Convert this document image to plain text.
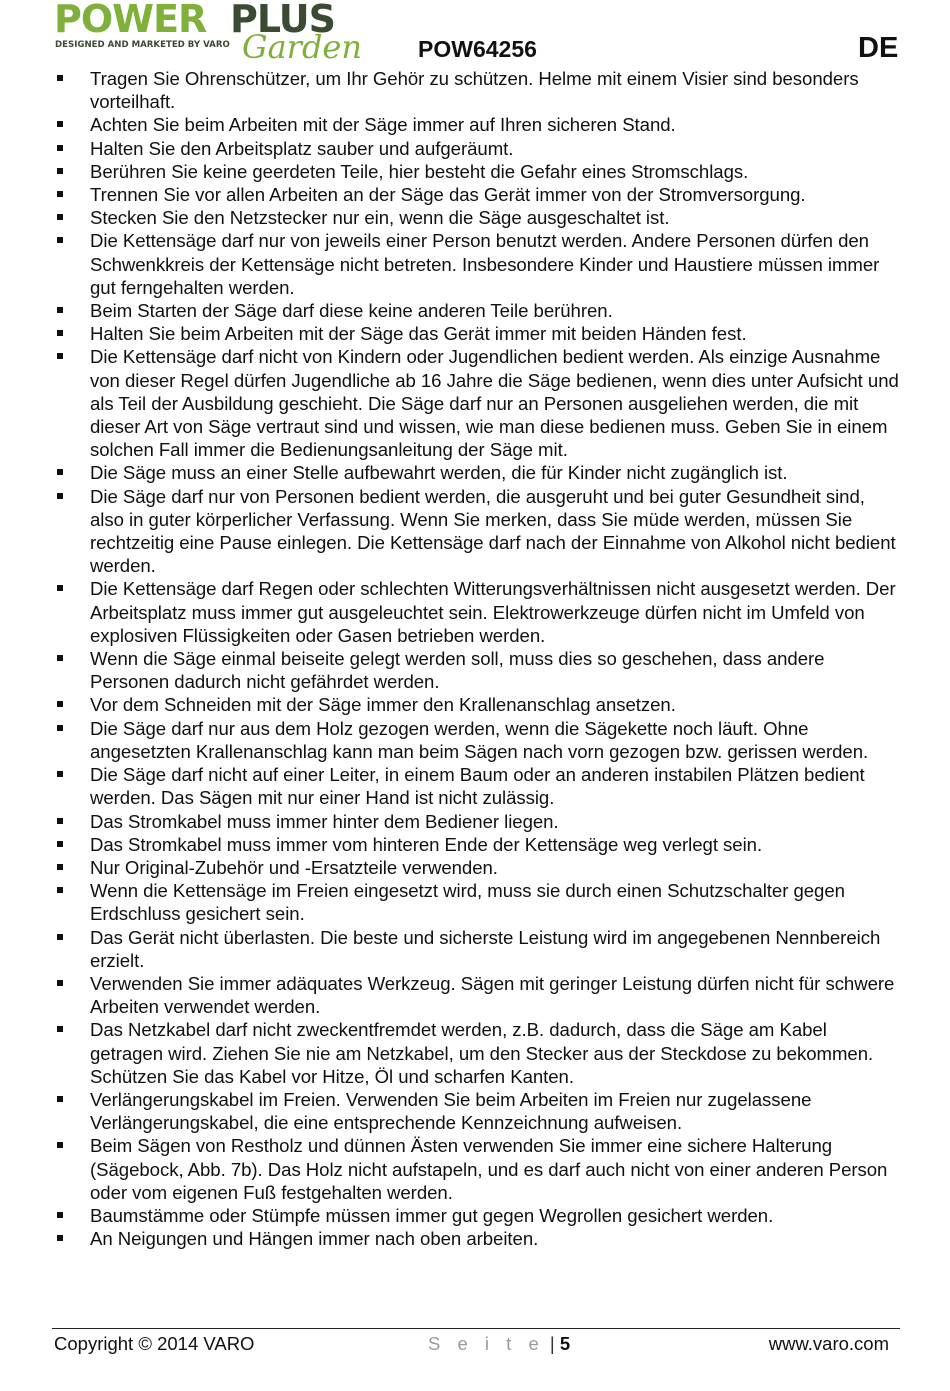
POWER PLUS
DESIGNED AND MARKETED BY VARO Garden POW64256	DE
Tragen Sie Ohrenschützer, um Ihr Gehör zu schützen. Helme mit einem Visier sind besonders vorteilhaft.
Achten Sie beim Arbeiten mit der Säge immer auf Ihren sicheren Stand.
Halten Sie den Arbeitsplatz sauber und aufgeräumt.
Berühren Sie keine geerdeten Teile, hier besteht die Gefahr eines Stromschlags.
Trennen Sie vor allen Arbeiten an der Säge das Gerät immer von der Stromversorgung.
Stecken Sie den Netzstecker nur ein, wenn die Säge ausgeschaltet ist.
Die Kettensäge darf nur von jeweils einer Person benutzt werden. Andere Personen dürfen den Schwenkkreis der Kettensäge nicht betreten. Insbesondere Kinder und Haustiere müssen immer gut ferngehalten werden.
Beim Starten der Säge darf diese keine anderen Teile berühren.
Halten Sie beim Arbeiten mit der Säge das Gerät immer mit beiden Händen fest.
Die Kettensäge darf nicht von Kindern oder Jugendlichen bedient werden. Als einzige Ausnahme von dieser Regel dürfen Jugendliche ab 16 Jahre die Säge bedienen, wenn dies unter Aufsicht und als Teil der Ausbildung geschieht. Die Säge darf nur an Personen ausgeliehen werden, die mit dieser Art von Säge vertraut sind und wissen, wie man diese bedienen muss. Geben Sie in einem solchen Fall immer die Bedienungsanleitung der Säge mit.
Die Säge muss an einer Stelle aufbewahrt werden, die für Kinder nicht zugänglich ist.
Die Säge darf nur von Personen bedient werden, die ausgeruht und bei guter Gesundheit sind, also in guter körperlicher Verfassung. Wenn Sie merken, dass Sie müde werden, müssen Sie rechtzeitig eine Pause einlegen. Die Kettensäge darf nach der Einnahme von Alkohol nicht bedient werden.
Die Kettensäge darf Regen oder schlechten Witterungsverhältnissen nicht ausgesetzt werden. Der Arbeitsplatz muss immer gut ausgeleuchtet sein. Elektrowerkzeuge dürfen nicht im Umfeld von explosiven Flüssigkeiten oder Gasen betrieben werden.
Wenn die Säge einmal beiseite gelegt werden soll, muss dies so geschehen, dass andere Personen dadurch nicht gefährdet werden.
Vor dem Schneiden mit der Säge immer den Krallenanschlag ansetzen.
Die Säge darf nur aus dem Holz gezogen werden, wenn die Sägekette noch läuft. Ohne angesetzten Krallenanschlag kann man beim Sägen nach vorn gezogen bzw. gerissen werden.
Die Säge darf nicht auf einer Leiter, in einem Baum oder an anderen instabilen Plätzen bedient werden. Das Sägen mit nur einer Hand ist nicht zulässig.
Das Stromkabel muss immer hinter dem Bediener liegen.
Das Stromkabel muss immer vom hinteren Ende der Kettensäge weg verlegt sein.
Nur Original-Zubehör und -Ersatzteile verwenden.
Wenn die Kettensäge im Freien eingesetzt wird, muss sie durch einen Schutzschalter gegen Erdschluss gesichert sein.
Das Gerät nicht überlasten. Die beste und sicherste Leistung wird im angegebenen Nennbereich erzielt.
Verwenden Sie immer adäquates Werkzeug. Sägen mit geringer Leistung dürfen nicht für schwere Arbeiten verwendet werden.
Das Netzkabel darf nicht zweckentfremdet werden, z.B. dadurch, dass die Säge am Kabel getragen wird. Ziehen Sie nie am Netzkabel, um den Stecker aus der Steckdose zu bekommen. Schützen Sie das Kabel vor Hitze, Öl und scharfen Kanten.
Verlängerungskabel im Freien. Verwenden Sie beim Arbeiten im Freien nur zugelassene Verlängerungskabel, die eine entsprechende Kennzeichnung aufweisen.
Beim Sägen von Restholz und dünnen Ästen verwenden Sie immer eine sichere Halterung (Sägebock, Abb. 7b). Das Holz nicht aufstapeln, und es darf auch nicht von einer anderen Person oder vom eigenen Fuß festgehalten werden.
Baumstämme oder Stümpfe müssen immer gut gegen Wegrollen gesichert werden.
An Neigungen und Hängen immer nach oben arbeiten.
Copyright © 2014 VARO	S e i t e | 5	www.varo.com
